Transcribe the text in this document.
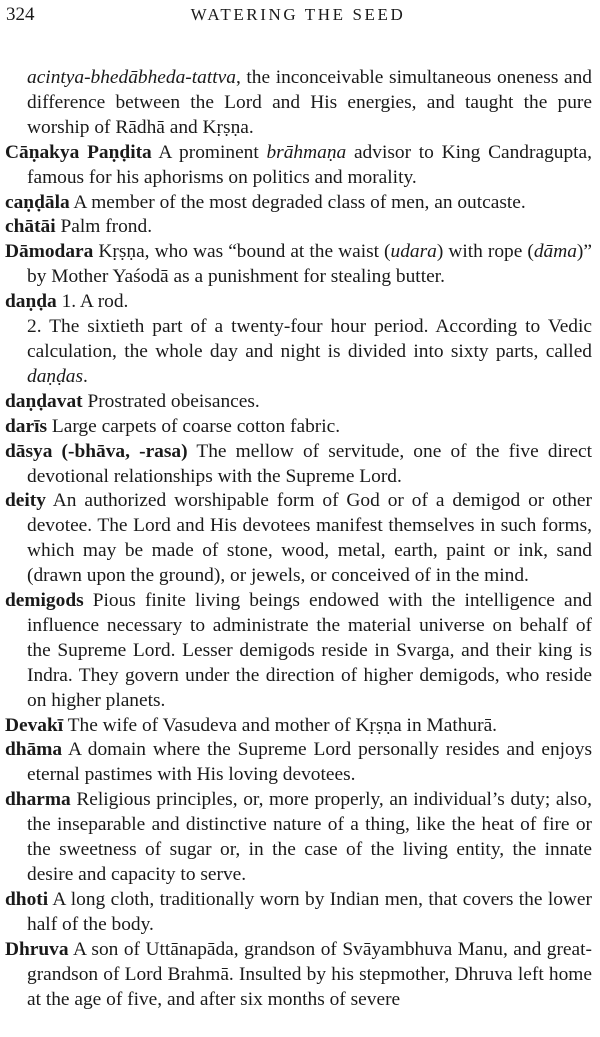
324	WATERING THE SEED
acintya-bhedābheda-tattva, the inconceivable simultaneous oneness and difference between the Lord and His energies, and taught the pure worship of Rādhā and Kṛṣṇa.
Cāṇakya Paṇḍita A prominent brāhmaṇa advisor to King Candragupta, famous for his aphorisms on politics and morality.
caṇḍāla A member of the most degraded class of men, an outcaste.
chātāi Palm frond.
Dāmodara Kṛṣṇa, who was “bound at the waist (udara) with rope (dāma)” by Mother Yaśodā as a punishment for stealing butter.
daṇḍa 1. A rod.
2. The sixtieth part of a twenty-four hour period. According to Vedic calculation, the whole day and night is divided into sixty parts, called daṇḍas.
daṇḍavat Prostrated obeisances.
darīs Large carpets of coarse cotton fabric.
dāsya (-bhāva, -rasa) The mellow of servitude, one of the five direct devotional relationships with the Supreme Lord.
deity An authorized worshipable form of God or of a demigod or other devotee. The Lord and His devotees manifest themselves in such forms, which may be made of stone, wood, metal, earth, paint or ink, sand (drawn upon the ground), or jewels, or conceived of in the mind.
demigods Pious finite living beings endowed with the intelligence and influence necessary to administrate the material universe on behalf of the Supreme Lord. Lesser demigods reside in Svarga, and their king is Indra. They govern under the direction of higher demigods, who reside on higher planets.
Devakī The wife of Vasudeva and mother of Kṛṣṇa in Mathurā.
dhāma A domain where the Supreme Lord personally resides and enjoys eternal pastimes with His loving devotees.
dharma Religious principles, or, more properly, an individual’s duty; also, the inseparable and distinctive nature of a thing, like the heat of fire or the sweetness of sugar or, in the case of the living entity, the innate desire and capacity to serve.
dhoti A long cloth, traditionally worn by Indian men, that covers the lower half of the body.
Dhruva A son of Uttānapāda, grandson of Svāyambhuva Manu, and great-grandson of Lord Brahmā. Insulted by his stepmother, Dhruva left home at the age of five, and after six months of severe
